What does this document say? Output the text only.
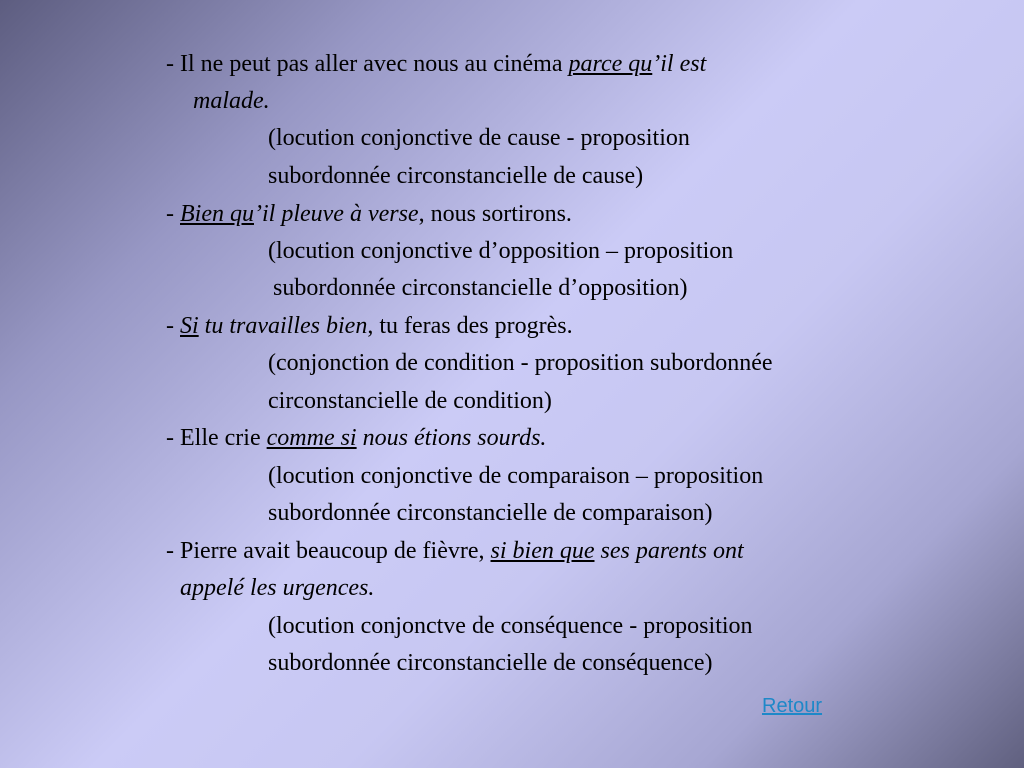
- Il ne peut pas aller avec nous au cinéma parce qu’il est

malade.

(locution conjonctive de cause - proposition

subordonnée circonstancielle de cause)

- Bien qu’il pleuve à verse, nous sortirons.

(locution conjonctive d’opposition – proposition

subordonnée circonstancielle d’opposition)

- Si tu travailles bien, tu feras des progrès.

(conjonction de condition - proposition subordonnée

circonstancielle de condition)

- Elle crie comme si nous étions sourds.

(locution conjonctive de comparaison – proposition

subordonnée circonstancielle de comparaison)

- Pierre avait beaucoup de fièvre, si bien que ses parents ont

appelé les urgences.

(locution conjonctve de conséquence - proposition

subordonnée circonstancielle de conséquence)

Retour
